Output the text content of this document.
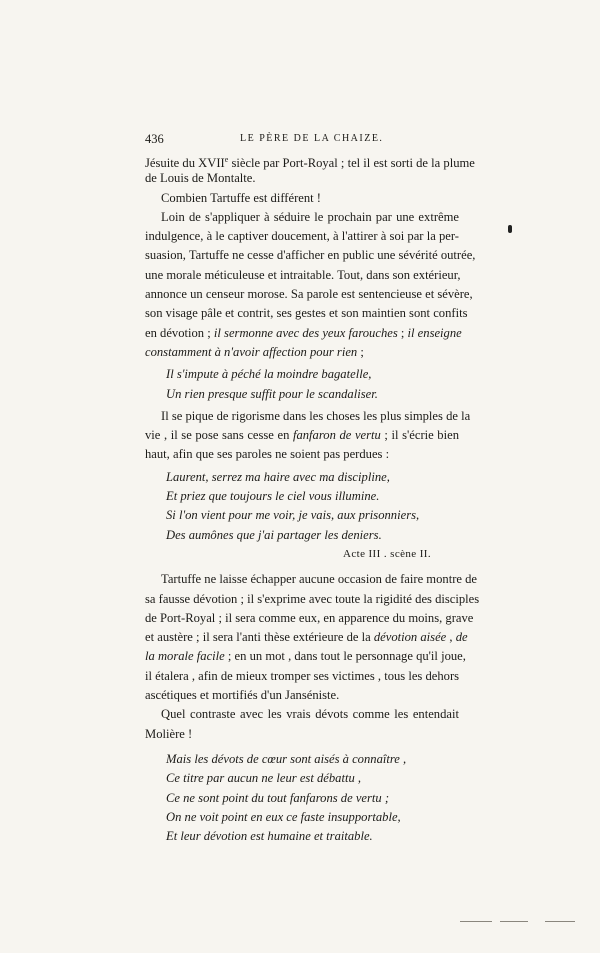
436	LE PÈRE DE LA CHAIZE.
Jésuite du XVIIe siècle par Port-Royal ; tel il est sorti de la plume
de Louis de Montalte.
Combien Tartuffe est différent !
Loin de s'appliquer à séduire le prochain par une extrême
indulgence, à le captiver doucement, à l'attirer à soi par la per-
suasion, Tartuffe ne cesse d'afficher en public une sévérité outrée,
une morale méticuleuse et intraitable. Tout, dans son extérieur,
annonce un censeur morose. Sa parole est sentencieuse et sévère,
son visage pâle et contrit, ses gestes et son maintien sont confits
en dévotion ; il sermonne avec des yeux farouches ; il enseigne
constamment à n'avoir affection pour rien ;
Il s'impute à péché la moindre bagatelle,
Un rien presque suffit pour le scandaliser.
Il se pique de rigorisme dans les choses les plus simples de la
vie , il se pose sans cesse en fanfaron de vertu ; il s'écrie bien
haut, afin que ses paroles ne soient pas perdues :
Laurent, serrez ma haire avec ma discipline,
Et priez que toujours le ciel vous illumine.
Si l'on vient pour me voir, je vais, aux prisonniers,
Des aumônes que j'ai partager les deniers.
Acte III . scène II.
Tartuffe ne laisse échapper aucune occasion de faire montre de
sa fausse dévotion ; il s'exprime avec toute la rigidité des disciples
de Port-Royal ; il sera comme eux, en apparence du moins, grave
et austère ; il sera l'anti thèse extérieure de la dévotion aisée , de
la morale facile ; en un mot , dans tout le personnage qu'il joue,
il étalera , afin de mieux tromper ses victimes , tous les dehors
ascétiques et mortifiés d'un Janséniste.
Quel contraste avec les vrais dévots comme les entendait
Molière !
Mais les dévots de cœur sont aisés à connaître ,
Ce titre par aucun ne leur est débattu ,
Ce ne sont point du tout fanfarons de vertu ;
On ne voit point en eux ce faste insupportable,
Et leur dévotion est humaine et traitable.
